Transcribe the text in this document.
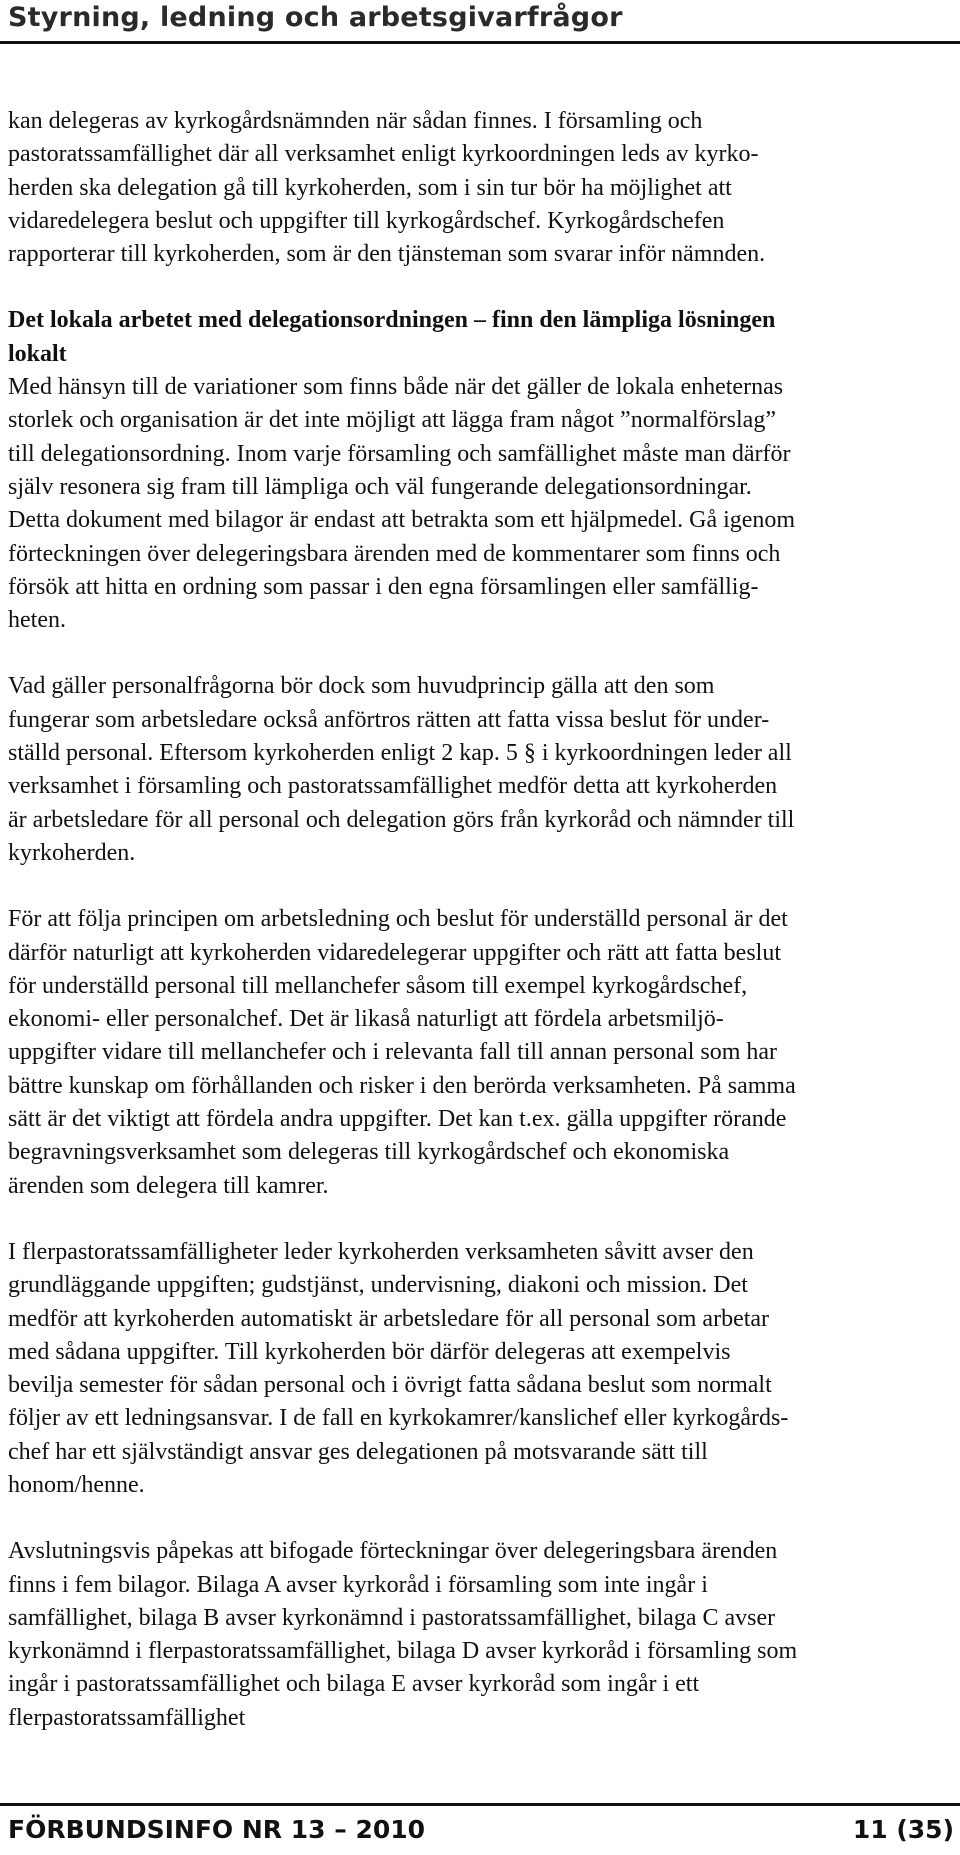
Styrning, ledning och arbetsgivarfrågor

kan delegeras av kyrkogårdsnämnden när sådan finnes. I församling och
pastoratssamfällighet där all verksamhet enligt kyrkoordningen leds av kyrko-
herden ska delegation gå till kyrkoherden, som i sin tur bör ha möjlighet att
vidaredelegera beslut och uppgifter till kyrkogårdschef. Kyrkogårdschefen
rapporterar till kyrkoherden, som är den tjänsteman som svarar inför nämnden.

Det lokala arbetet med delegationsordningen – finn den lämpliga lösningen
lokalt
Med hänsyn till de variationer som finns både när det gäller de lokala enheternas
storlek och organisation är det inte möjligt att lägga fram något ”normalförslag”
till delegationsordning. Inom varje församling och samfällighet måste man därför
själv resonera sig fram till lämpliga och väl fungerande delegationsordningar.
Detta dokument med bilagor är endast att betrakta som ett hjälpmedel. Gå igenom
förteckningen över delegeringsbara ärenden med de kommentarer som finns och
försök att hitta en ordning som passar i den egna församlingen eller samfällig-
heten.

Vad gäller personalfrågorna bör dock som huvudprincip gälla att den som
fungerar som arbetsledare också anförtros rätten att fatta vissa beslut för under-
ställd personal. Eftersom kyrkoherden enligt 2 kap. 5 § i kyrkoordningen leder all
verksamhet i församling och pastoratssamfällighet medför detta att kyrkoherden
är arbetsledare för all personal och delegation görs från kyrkoråd och nämnder till
kyrkoherden.

För att följa principen om arbetsledning och beslut för underställd personal är det
därför naturligt att kyrkoherden vidaredelegerar uppgifter och rätt att fatta beslut
för underställd personal till mellanchefer såsom till exempel kyrkogårdschef,
ekonomi- eller personalchef. Det är likaså naturligt att fördela arbetsmiljö-
uppgifter vidare till mellanchefer och i relevanta fall till annan personal som har
bättre kunskap om förhållanden och risker i den berörda verksamheten. På samma
sätt är det viktigt att fördela andra uppgifter. Det kan t.ex. gälla uppgifter rörande
begravningsverksamhet som delegeras till kyrkogårdschef och ekonomiska
ärenden som delegera till kamrer.

I flerpastoratssamfälligheter leder kyrkoherden verksamheten såvitt avser den
grundläggande uppgiften; gudstjänst, undervisning, diakoni och mission. Det
medför att kyrkoherden automatiskt är arbetsledare för all personal som arbetar
med sådana uppgifter. Till kyrkoherden bör därför delegeras att exempelvis
bevilja semester för sådan personal och i övrigt fatta sådana beslut som normalt
följer av ett ledningsansvar. I de fall en kyrkokamrer/kanslichef eller kyrkogårds-
chef har ett självständigt ansvar ges delegationen på motsvarande sätt till
honom/henne.

Avslutningsvis påpekas att bifogade förteckningar över delegeringsbara ärenden
finns i fem bilagor. Bilaga A avser kyrkoråd i församling som inte ingår i
samfällighet, bilaga B avser kyrkonämnd i pastoratssamfällighet, bilaga C avser
kyrkonämnd i flerpastoratssamfällighet, bilaga D avser kyrkoråd i församling som
ingår i pastoratssamfällighet och bilaga E avser kyrkoråd som ingår i ett
flerpastoratssamfällighet

FÖRBUNDSINFO NR 13 – 2010	11 (35)
